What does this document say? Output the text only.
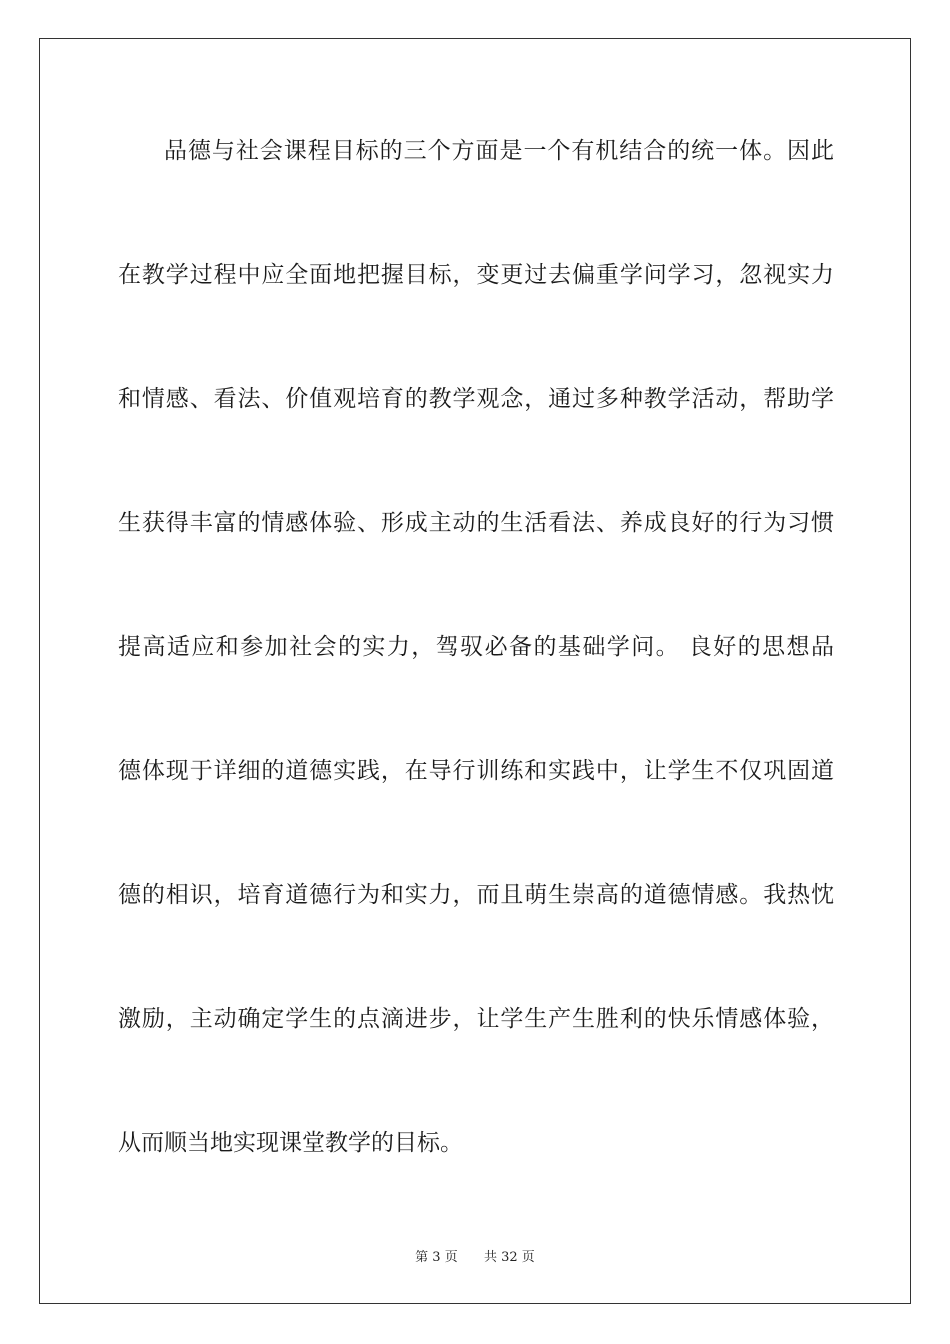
品德与社会课程目标的三个方面是一个有机结合的统一体。因此
在教学过程中应全面地把握目标，变更过去偏重学问学习，忽视实力
和情感、看法、价值观培育的教学观念，通过多种教学活动，帮助学
生获得丰富的情感体验、形成主动的生活看法、养成良好的行为习惯
提高适应和参加社会的实力，驾驭必备的基础学问。 良好的思想品
德体现于详细的道德实践，在导行训练和实践中，让学生不仅巩固道
德的相识，培育道德行为和实力，而且萌生崇高的道德情感。我热忱
激励，主动确定学生的点滴进步，让学生产生胜利的快乐情感体验，
从而顺当地实现课堂教学的目标。
第 3 页 共 32 页
